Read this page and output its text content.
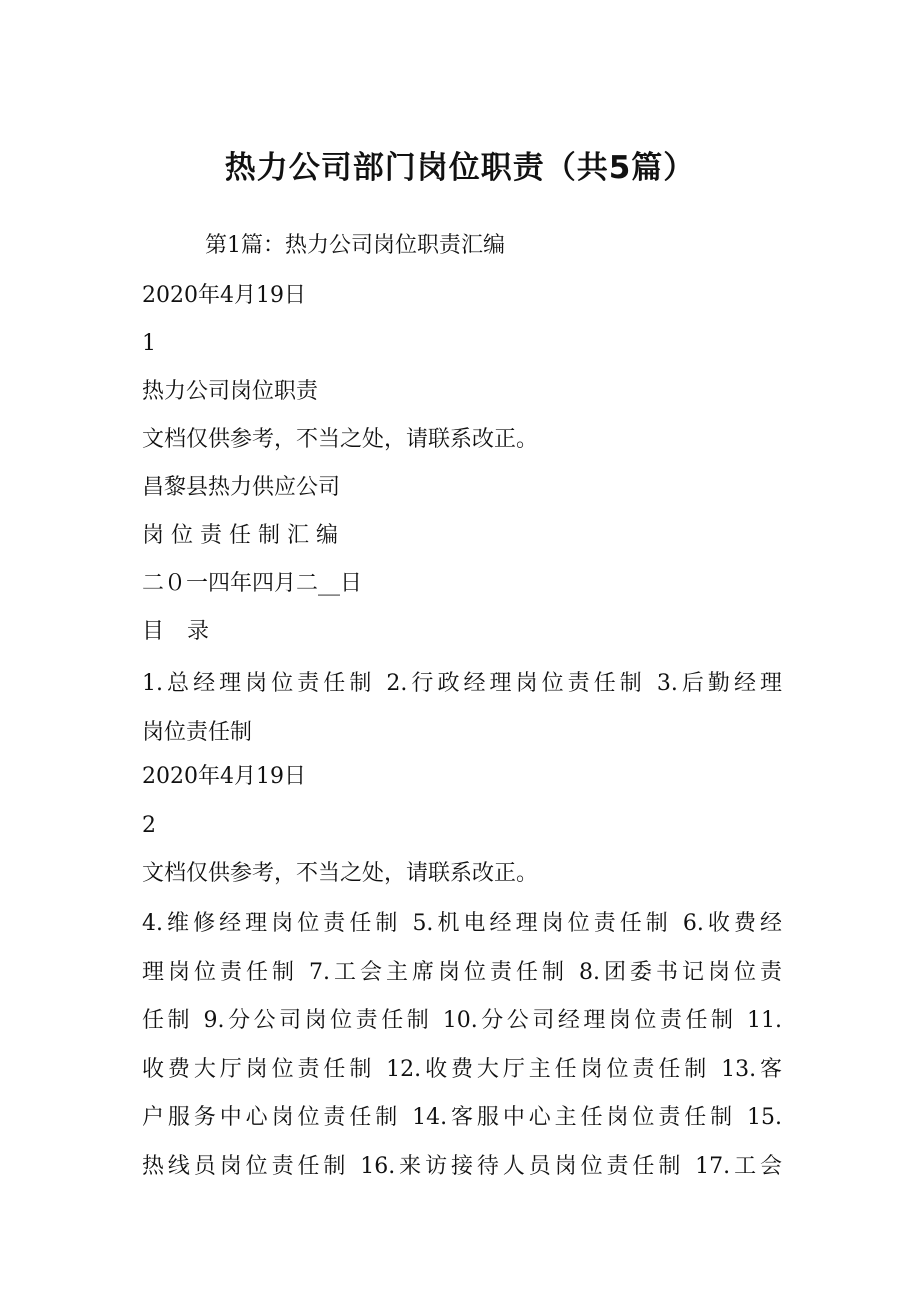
热力公司部门岗位职责（共5篇）

第1篇：热力公司岗位职责汇编

2020年4月19日

1

热力公司岗位职责

文档仅供参考，不当之处，请联系改正。

昌黎县热力供应公司

岗 位 责 任 制 汇 编

二０一四年四月二__日

目 录

1.总经理岗位责任制 2.行政经理岗位责任制 3.后勤经理
岗位责任制

2020年4月19日

2

文档仅供参考，不当之处，请联系改正。

4.维修经理岗位责任制 5.机电经理岗位责任制 6.收费经
理岗位责任制 7.工会主席岗位责任制 8.团委书记岗位责
任制 9.分公司岗位责任制 10.分公司经理岗位责任制 11.
收费大厅岗位责任制 12.收费大厅主任岗位责任制 13.客
户服务中心岗位责任制 14.客服中心主任岗位责任制 15.
热线员岗位责任制 16.来访接待人员岗位责任制 17.工会
